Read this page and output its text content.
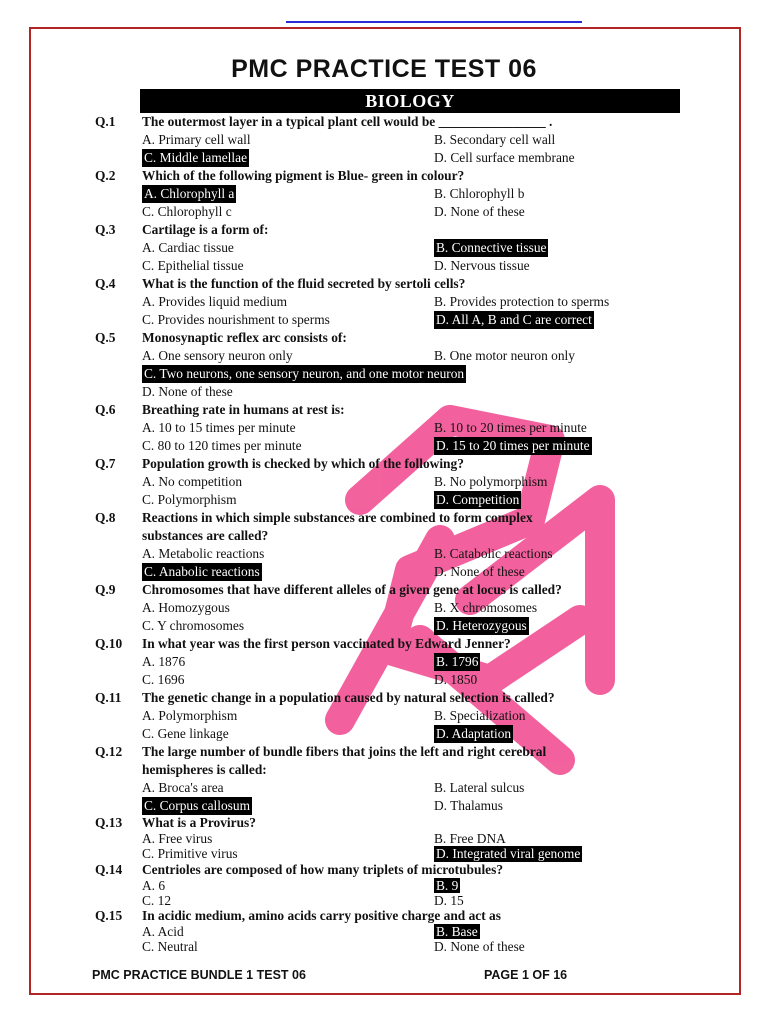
PMC PRACTICE TEST 06
BIOLOGY
Q.1	The outermost layer in a typical plant cell would be ________________ .
A. Primary cell wall	B. Secondary cell wall
C. Middle lamellae	D. Cell surface membrane
Q.2	Which of the following pigment is Blue- green in colour?
A. Chlorophyll a	B. Chlorophyll b
C. Chlorophyll c	D. None of these
Q.3	Cartilage is a form of:
A. Cardiac tissue	B. Connective tissue
C. Epithelial tissue	D. Nervous tissue
Q.4	What is the function of the fluid secreted by sertoli cells?
A. Provides liquid medium	B. Provides protection to sperms
C. Provides nourishment to sperms	D. All A, B and C are correct
Q.5	Monosynaptic reflex arc consists of:
A. One sensory neuron only	B. One motor neuron only
C. Two neurons, one sensory neuron, and one motor neuron
D. None of these
Q.6	Breathing rate in humans at rest is:
A. 10 to 15 times per minute	B. 10 to 20 times per minute
C. 80 to 120 times per minute	D. 15 to 20 times per minute
Q.7	Population growth is checked by which of the following?
A. No competition	B. No polymorphism
C. Polymorphism	D. Competition
Q.8	Reactions in which simple substances are combined to form complex
substances are called?
A. Metabolic reactions	B. Catabolic reactions
C. Anabolic reactions	D. None of these
Q.9	Chromosomes that have different alleles of a given gene at locus is called?
A. Homozygous	B. X chromosomes
C. Y chromosomes	D. Heterozygous
Q.10	In what year was the first person vaccinated by Edward Jenner?
A. 1876	B. 1796
C. 1696	D. 1850
Q.11	The genetic change in a population caused by natural selection is called?
A. Polymorphism	B. Specialization
C. Gene linkage	D. Adaptation
Q.12	The large number of bundle fibers that joins the left and right cerebral
hemispheres is called:
A. Broca's area	B. Lateral sulcus
C. Corpus callosum	D. Thalamus
Q.13	What is a Provirus?
A. Free virus	B. Free DNA
C. Primitive virus	D. Integrated viral genome
Q.14	Centrioles are composed of how many triplets of microtubules?
A. 6	B. 9
C. 12	D. 15
Q.15	In acidic medium, amino acids carry positive charge and act as
A. Acid	B. Base
C. Neutral	D. None of these
PMC PRACTICE BUNDLE 1 TEST 06	PAGE 1 OF 16
